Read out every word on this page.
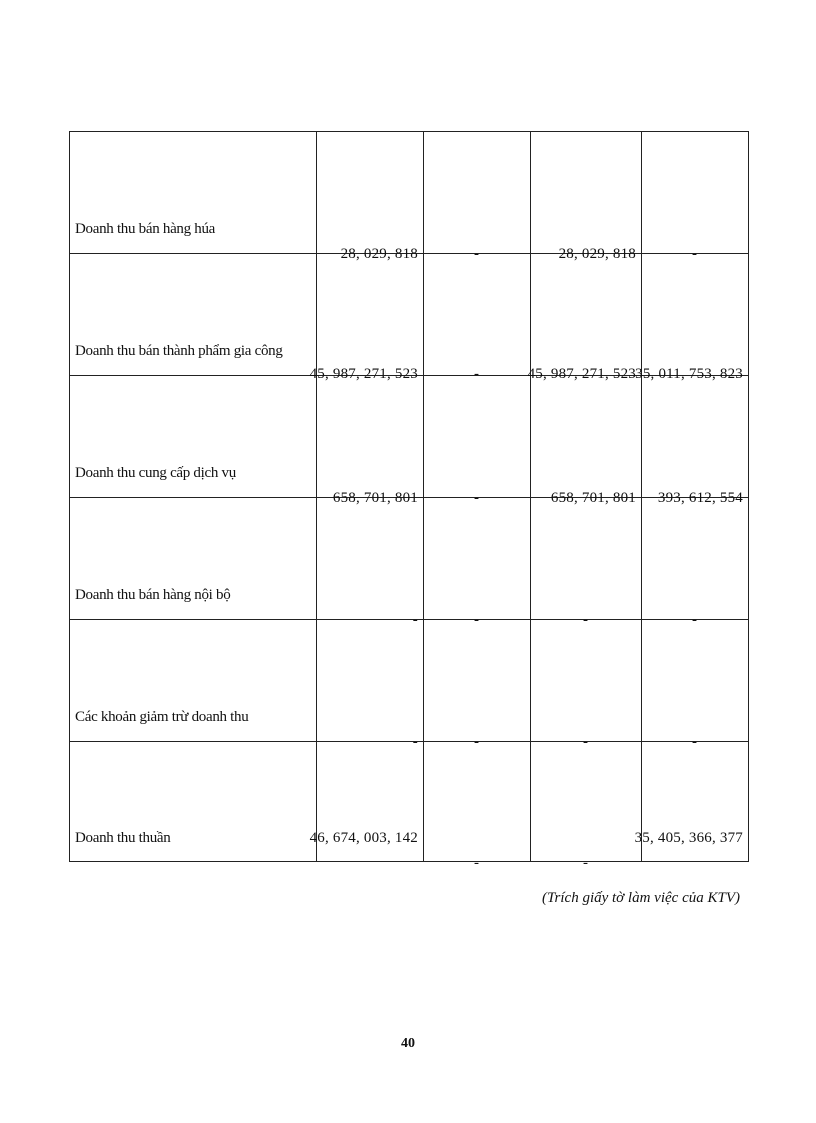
Doanh thu bán hàng húa	28, 029, 818	-	28, 029, 818	-

Doanh thu bán thành phẩm gia công	45, 987, 271, 523	-	45, 987, 271, 523	35, 011, 753, 823

Doanh thu cung cấp dịch vụ	658, 701, 801	-	658, 701, 801	393, 612, 554

Doanh thu bán hàng nội bộ	-	-	-	-

Các khoản giảm trừ doanh thu	-	-	-	-

Doanh thu thuần	46, 674, 003, 142	-	-	35, 405, 366, 377
(Trích giấy tờ làm việc của KTV)
40
